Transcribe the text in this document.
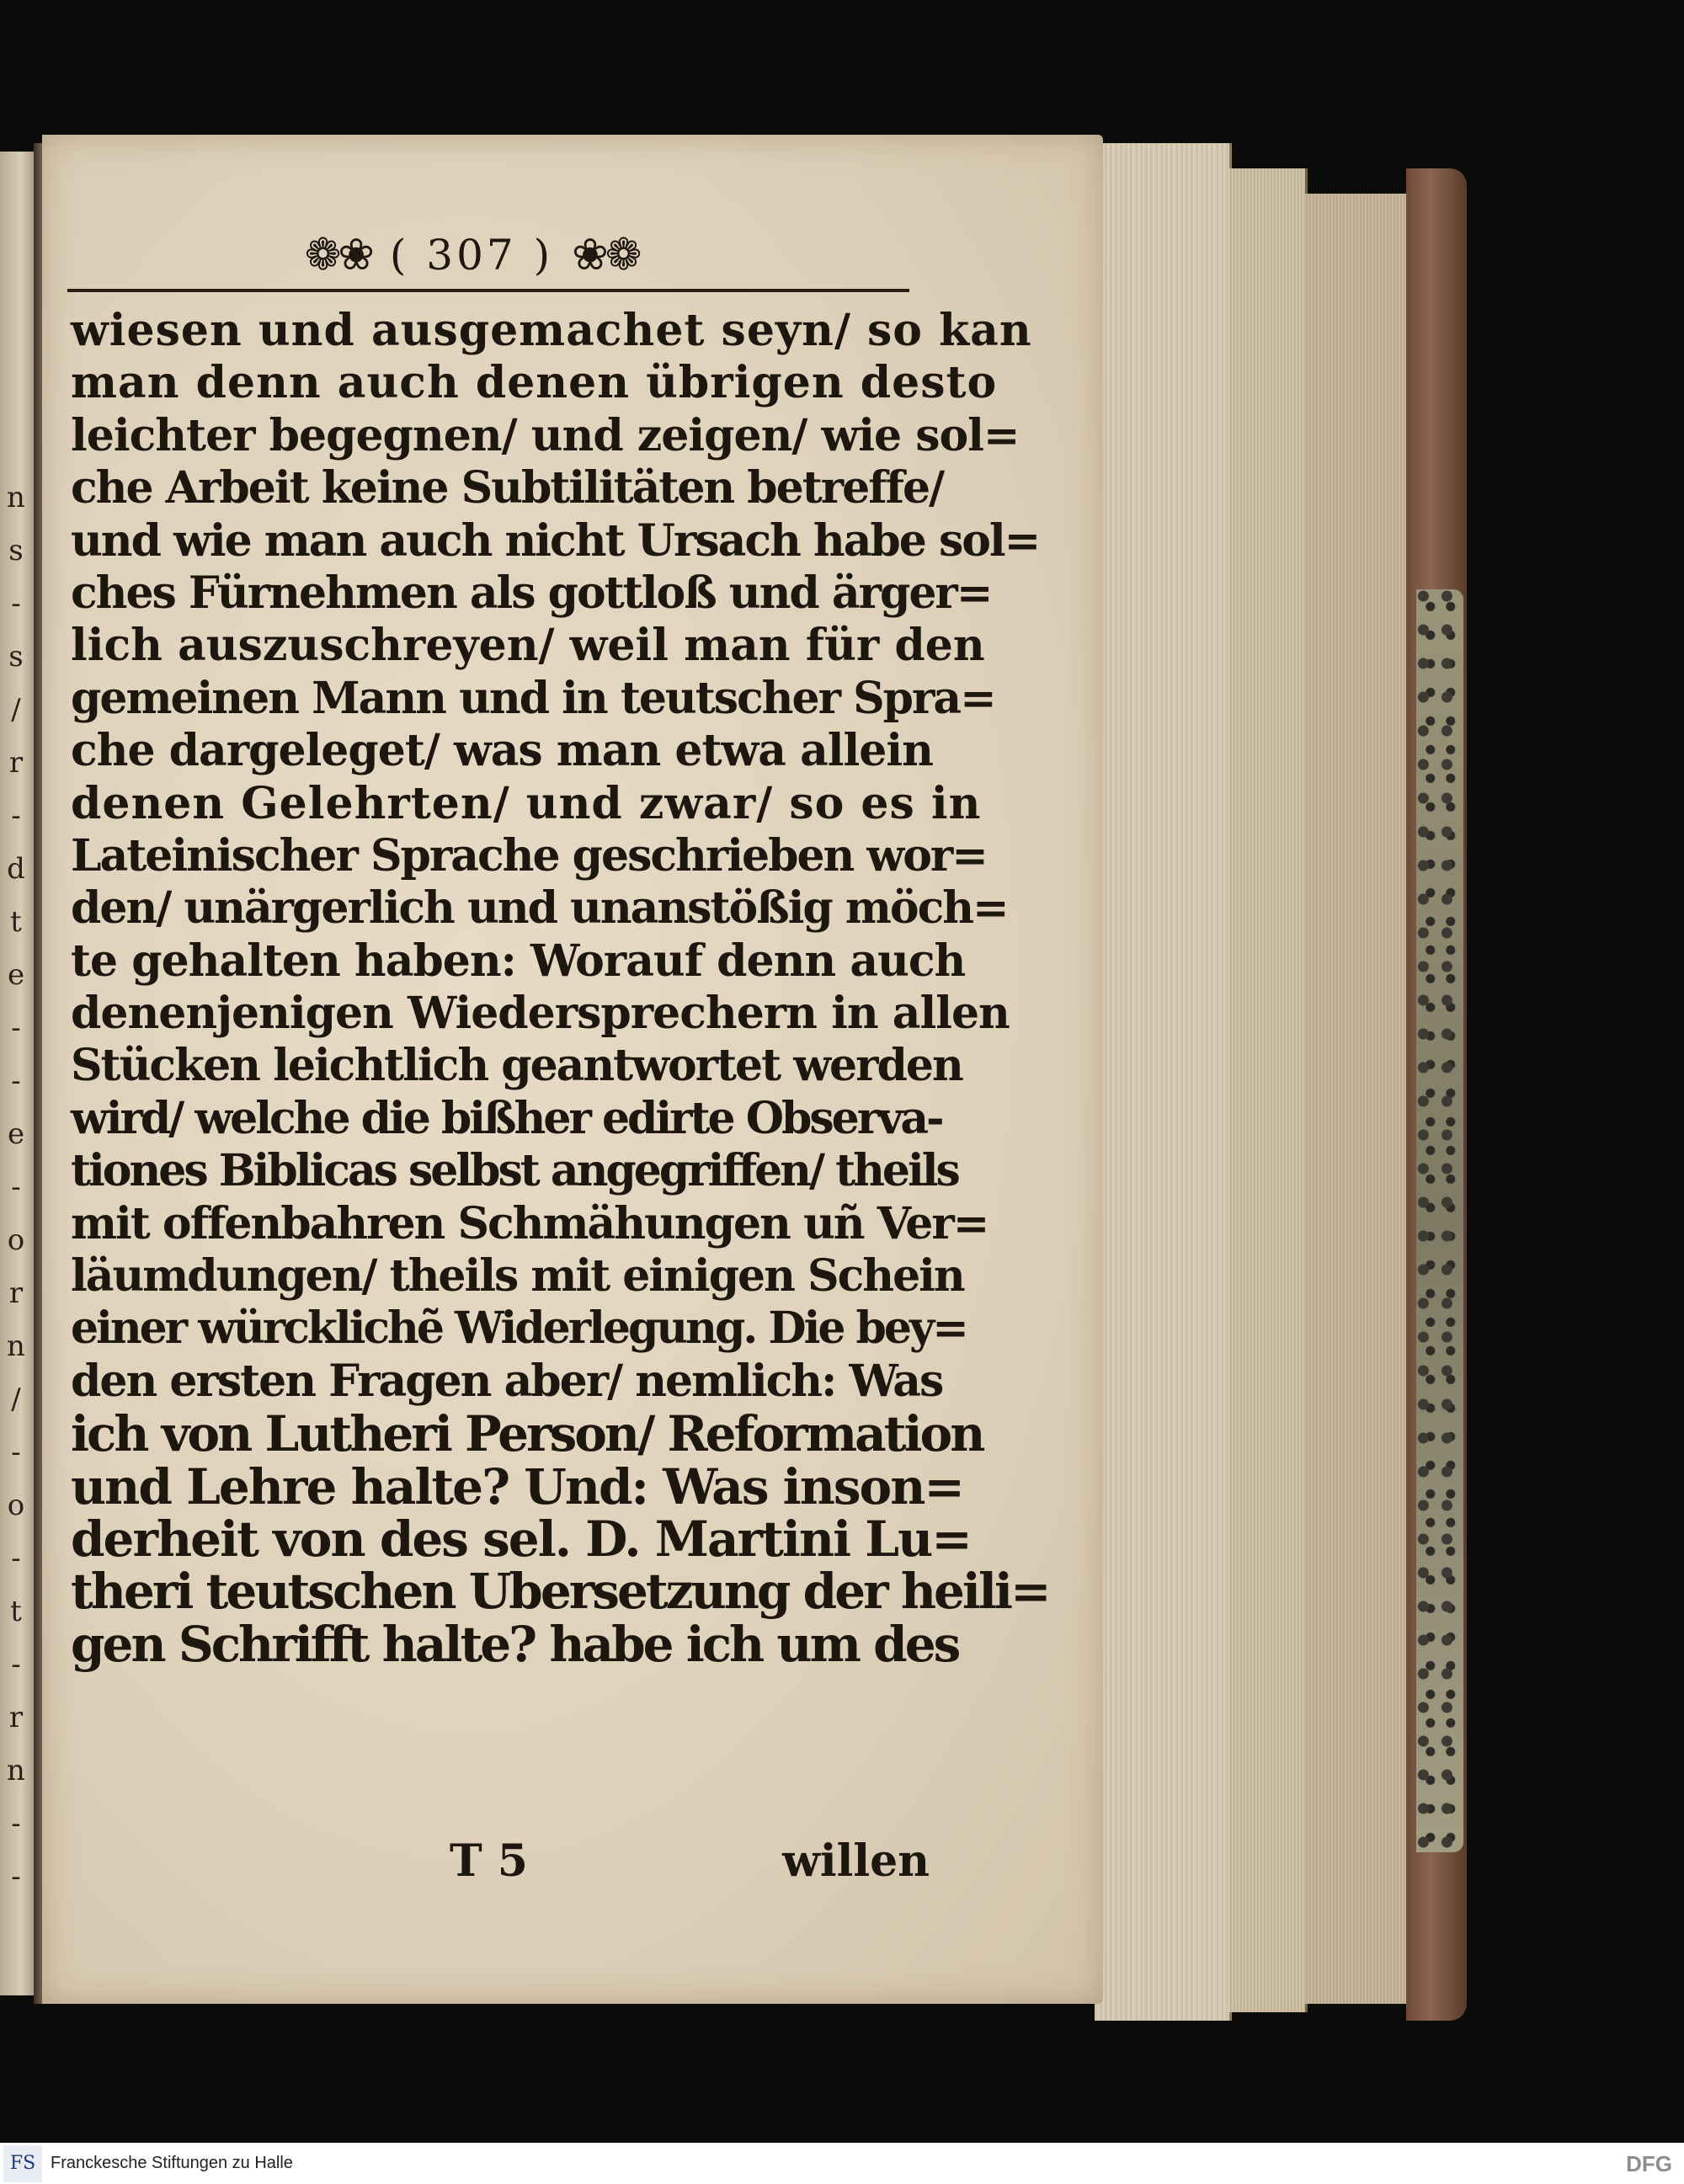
n
s
-
s
/
r
-
d
t
e
-
-
e
-
o
r
n
/
-
o
-
t
-
r
n
-
-
❁❀ ( 307 ) ❀❁
wiesen und ausgemachet seyn/ so kan
man denn auch denen übrigen desto
leichter begegnen/ und zeigen/ wie sol=
che Arbeit keine Subtilitäten betreffe/
und wie man auch nicht Ursach habe sol=
ches Fürnehmen als gottloß und ärger=
lich auszuschreyen/ weil man für den
gemeinen Mann und in teutscher Spra=
che dargeleget/ was man etwa allein
denen Gelehrten/ und zwar/ so es in
Lateinischer Sprache geschrieben wor=
den/ unärgerlich und unanstößig möch=
te gehalten haben: Worauf denn auch
denenjenigen Wiedersprechern in allen
Stücken leichtlich geantwortet werden
wird/ welche die bißher edirte Observa-
tiones Biblicas selbst angegriffen/ theils
mit offenbahren Schmähungen uñ Ver=
läumdungen/ theils mit einigen Schein
einer würcklichẽ Widerlegung. Die bey=
den ersten Fragen aber/ nemlich: Was
ich von Lutheri Person/ Reformation
und Lehre halte? Und: Was inson=
derheit von des sel. D. Martini Lu=
theri teutschen Ubersetzung der heili=
gen Schrifft halte? habe ich um des
T 5	willen
FS Franckesche Stiftungen zu Halle	DFG
